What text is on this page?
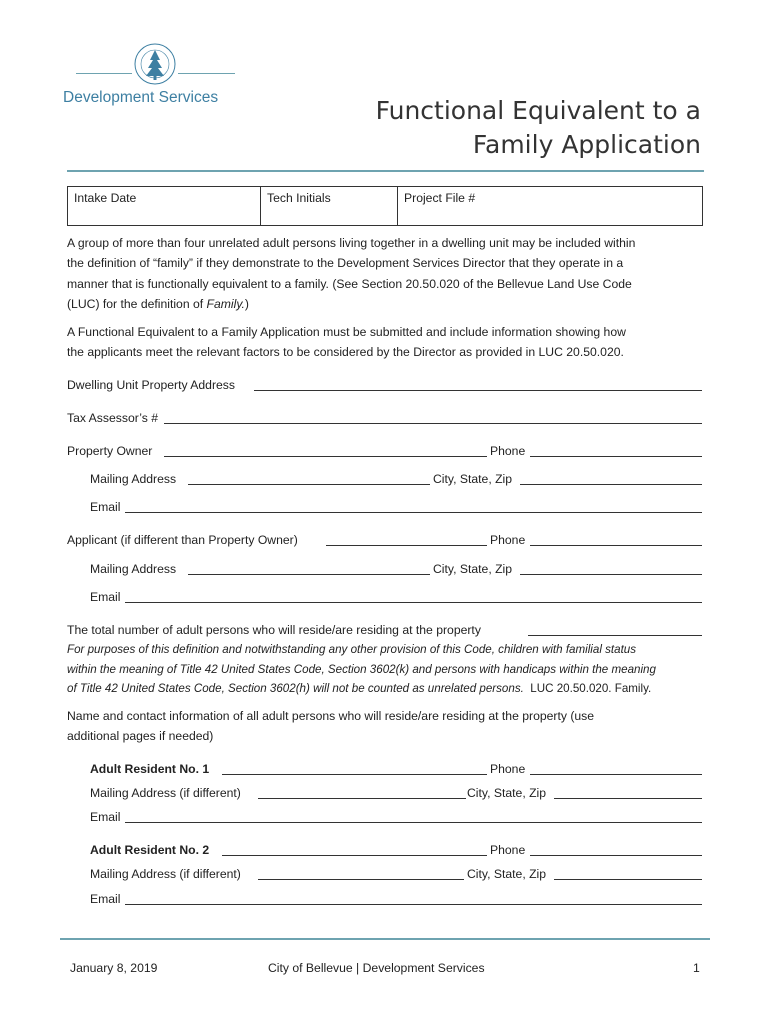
Development Services	Functional Equivalent to a
Family Application
Intake Date	Tech Initials	Project File #
A group of more than four unrelated adult persons living together in a dwelling unit may be included within
the definition of “family” if they demonstrate to the Development Services Director that they operate in a
manner that is functionally equivalent to a family. (See Section 20.50.020 of the Bellevue Land Use Code
(LUC) for the definition of Family.)
A Functional Equivalent to a Family Application must be submitted and include information showing how
the applicants meet the relevant factors to be considered by the Director as provided in LUC 20.50.020.
Dwelling Unit Property Address
Tax Assessor’s #
Property Owner	Phone
Mailing Address	City, State, Zip
Email
Applicant (if different than Property Owner)	Phone
Mailing Address	City, State, Zip
Email
The total number of adult persons who will reside/are residing at the property
For purposes of this definition and notwithstanding any other provision of this Code, children with familial status
within the meaning of Title 42 United States Code, Section 3602(k) and persons with handicaps within the meaning
of Title 42 United States Code, Section 3602(h) will not be counted as unrelated persons. LUC 20.50.020. Family.
Name and contact information of all adult persons who will reside/are residing at the property (use
additional pages if needed)
Adult Resident No. 1	Phone
Mailing Address (if different)	City, State, Zip
Email
Adult Resident No. 2	Phone
Mailing Address (if different)	City, State, Zip
Email
January 8, 2019	City of Bellevue | Development Services	1
